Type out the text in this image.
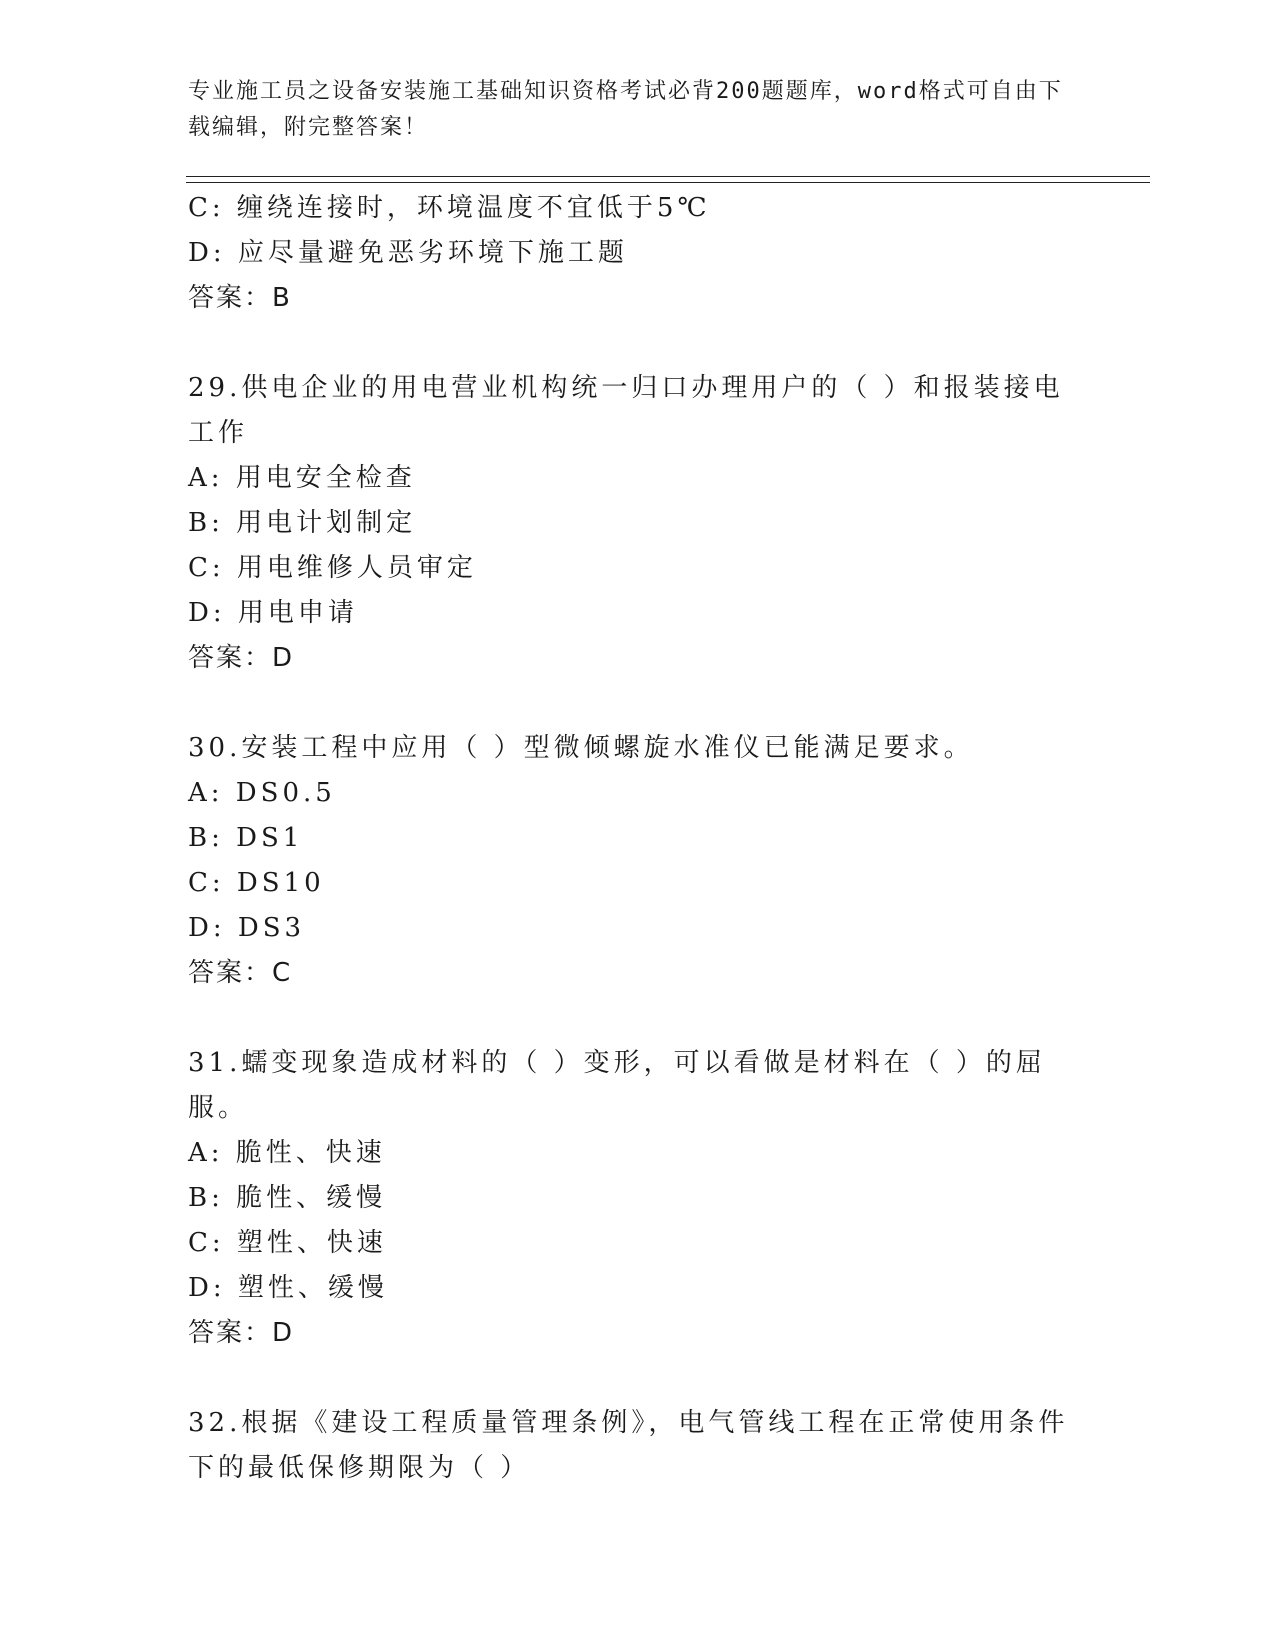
专业施工员之设备安装施工基础知识资格考试必背200题题库，word格式可自由下载编辑，附完整答案！
C: 缠绕连接时，环境温度不宜低于5℃
D: 应尽量避免恶劣环境下施工题
答案：B
29.供电企业的用电营业机构统一归口办理用户的（ ）和报装接电工作
A: 用电安全检查
B: 用电计划制定
C: 用电维修人员审定
D: 用电申请
答案：D
30.安装工程中应用（ ）型微倾螺旋水准仪已能满足要求。
A: DS0.5
B: DS1
C: DS10
D: DS3
答案：C
31.蠕变现象造成材料的（ ）变形，可以看做是材料在（ ）的屈服。
A: 脆性、快速
B: 脆性、缓慢
C: 塑性、快速
D: 塑性、缓慢
答案：D
32.根据《建设工程质量管理条例》，电气管线工程在正常使用条件下的最低保修期限为（ ）
